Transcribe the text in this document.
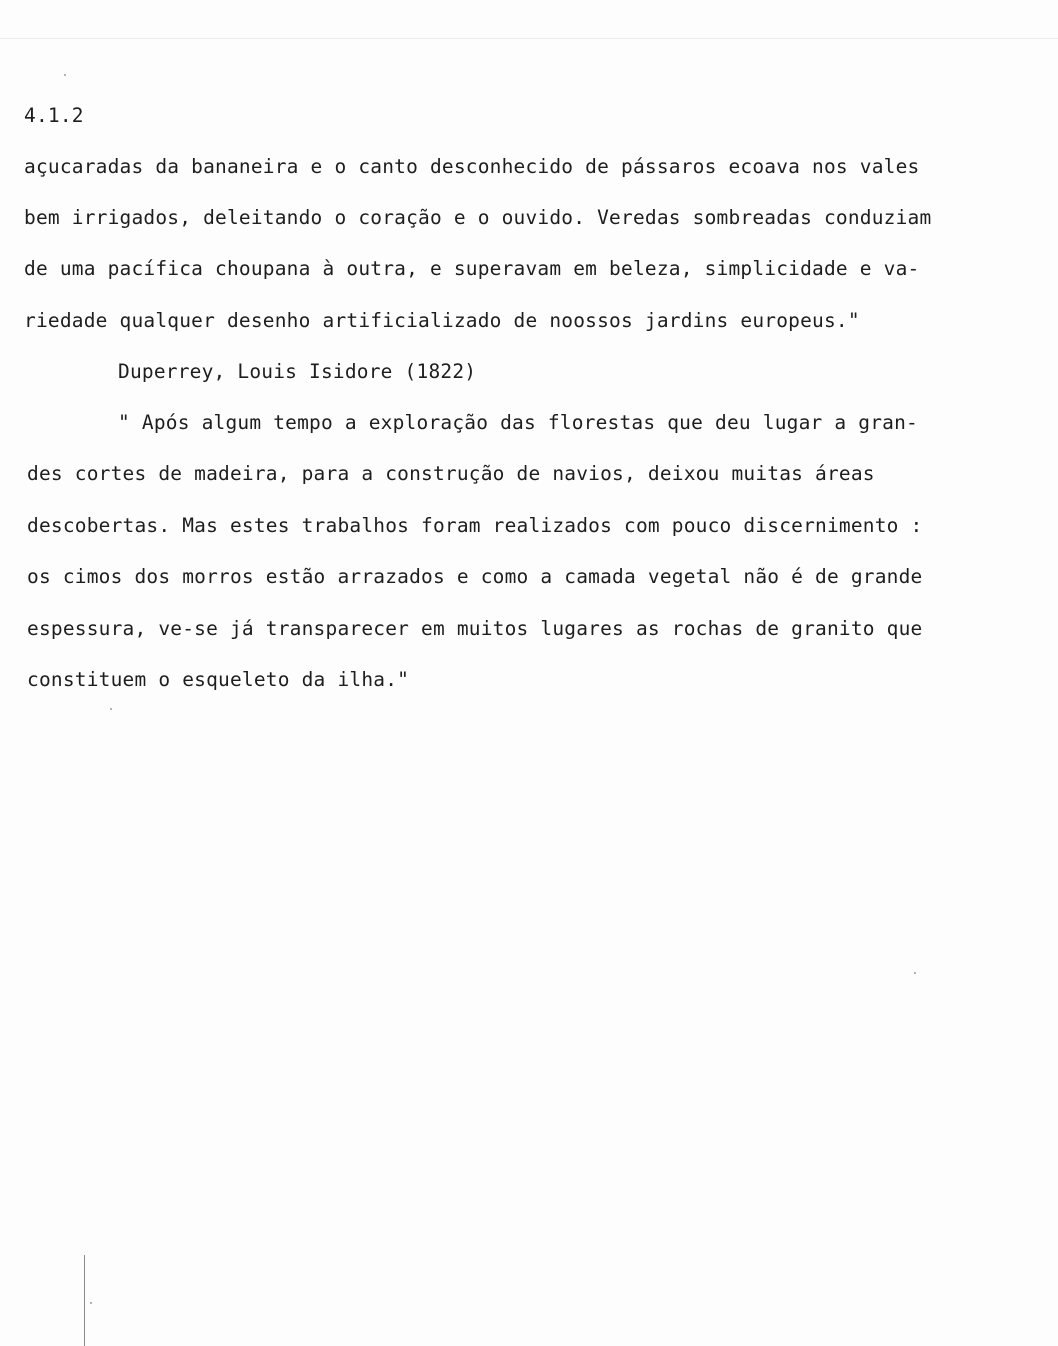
4.1.2
açucaradas da bananeira e o canto desconhecido de pássaros ecoava nos vales
bem irrigados, deleitando o coração e o ouvido. Veredas sombreadas conduziam
de uma pacífica choupana à outra, e superavam em beleza, simplicidade e va-
riedade qualquer desenho artificializado de noossos jardins europeus."
Duperrey, Louis Isidore (1822)
" Após algum tempo a exploração das florestas que deu lugar a gran-
des cortes de madeira, para a construção de navios, deixou muitas áreas
descobertas. Mas estes trabalhos foram realizados com pouco discernimento :
os cimos dos morros estão arrazados e como a camada vegetal não é de grande
espessura, ve-se já transparecer em muitos lugares as rochas de granito que
constituem o esqueleto da ilha."
